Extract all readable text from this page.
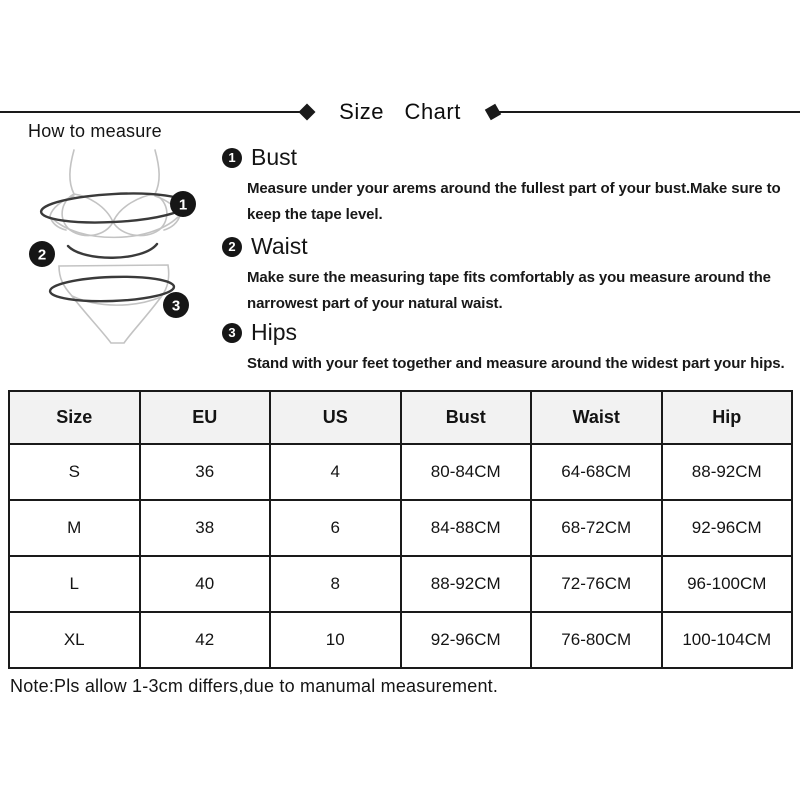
Size Chart
How to measure
1
2
3
1 Bust
Measure under your arems around the fullest part of your bust.Make sure to keep the tape level.
2 Waist
Make sure the measuring tape fits comfortably as you measure around the narrowest part of your natural waist.
3 Hips
Stand with your feet together and measure around the widest part your hips.
Size	EU	US	Bust	Waist	Hip
S	36	4	80-84CM	64-68CM	88-92CM
M	38	6	84-88CM	68-72CM	92-96CM
L	40	8	88-92CM	72-76CM	96-100CM
XL	42	10	92-96CM	76-80CM	100-104CM
Note:Pls allow 1-3cm differs,due to manumal measurement.
